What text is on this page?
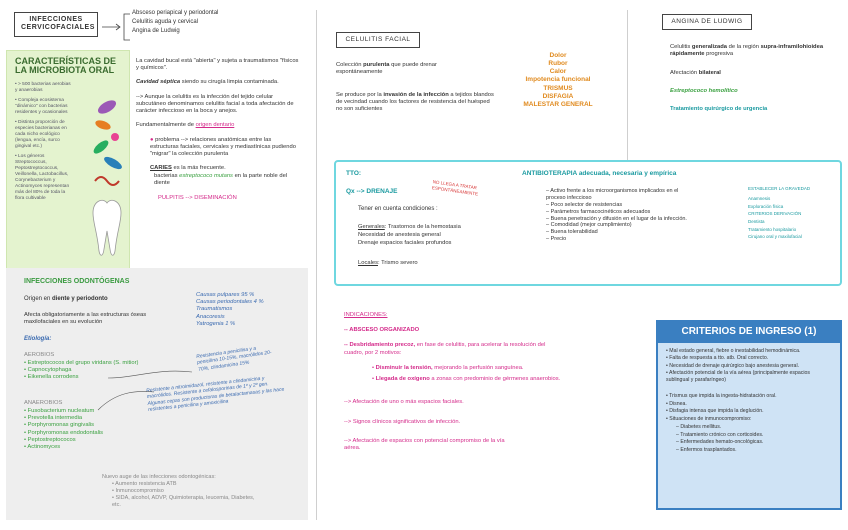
INFECCIONES CERVICOFACIALES
Absceso periapical y periodontal
Celulitis aguda y cervical
Angina de Ludwig
CARACTERÍSTICAS DE LA MICROBIOTA ORAL
• > 500 bacterias aerobias y anaerobias
• Compleja ecosistema "dinámico" con bacterias residentes y ocasionales
• Distinta proporción de especies bacterianas en cada nicho ecológico (lengua, encía, surco gingival etc.)
• Los géneros Streptococcus, Peptostreptococcus, Veillonella, Lactobacillus, Corynebacterium y Actinomyces representan más del 80% de toda la flora cultivable

La cavidad bucal está "abierta" y sujeta a traumatismos "físicos y químicos".

Cavidad séptica siendo su cirugía limpia contaminada.

--> Aunque la celulitis es la infección del tejido celular subcutáneo denominamos celulitis facial a toda afectación de carácter infeccioso en la boca y anejos.

Fundamentalmente de origen dentario

● problema --> relaciones anatómicas entre las estructuras faciales, cervicales y mediastínicas pudiendo "migrar" la colección purulenta

CARIES es la más frecuente.

bacterias estreptococo mutans en la parte noble del diente

PULPITIS --> DISEMINACIÓN

INFECCIONES ODONTÓGENAS

Origen en diente y periodonto

Afecta obligatoriamente a las estructuras óseas maxilofaciales en su evolución

Etiología:

Causas pulpares 95 %
Causas periodontales 4 %
Traumatismos
Anacoresis
Yatrogenia 1 %

AEROBIOS

• Estreptococos del grupo viridans (S. mitior)
• Capnocytophaga
• Eikenella corrodens

Resistencia a penicilina y a penicilina 10-15%, macrólidos 20-70%, clindamicina 15%

ANAEROBIOS

• Fusobacterium nucleatum
• Prevotella intermedia
• Porphyromonas gingivalis
• Porphyromonas endodontalis
• Peptostreptococos
• Actinomyces

Resistente a nitroimidazol, resistente a clindamicina y macrólidos. Resistente a cefalosporinas de 1º y 2º gen. Algunas cepas son productoras de betalactamasas y las hace resistentes a penicilina y amoxicilina

Nuevo auge de las infecciones odontogénicas:

• Aumento resistencia ATB
• Inmunocompromiso
• SIDA, alcohol, ADVP, Quimioterapia, leucemia, Diabetes, etc.
CELULITIS FACIAL

Colección purulenta que puede drenar espontáneamente

Se produce por la invasión de la infección a tejidos blandos de vecindad cuando los factores de resistencia del huésped no son suficientes

Dolor
Rubor
Calor
Impotencia funcional
TRISMUS
DISFAGIA
MALESTAR GENERAL
ANGINA DE LUDWIG

Celulitis generalizada de la región supra-inframilohioidea rápidamente progresiva

Afectación bilateral

Estreptococo hemolítico

Tratamiento quirúrgico de urgencia

TTO:

Qx --> DRENAJE

NO LLEGA A TRATAR ESPONTÁNEAMENTE

Tener en cuenta condiciones :

Generales: Trastornos de la hemostasia

Necesidad de anestesia general

Drenaje espacios faciales profundos

Locales: Trismo severo

ANTIBIOTERAPIA adecuada, necesaria y empírica

– Activo frente a los microorganismos implicados en el proceso infeccioso
– Poco selector de resistencias
– Parámetros farmacocinéticos adecuados
– Buena penetración y difusión en el lugar de la infección.
– Comodidad (mejor cumplimiento)
– Buena tolerabilidad
– Precio

ESTABLECER LA GRAVEDAD

Anamnesis
Exploración física
CRITERIOS DERIVACIÓN
Dentista
Tratamiento hospitalario
Cirujano oral y maxilofacial

INDICACIONES:

-- ABSCESO ORGANIZADO

-- Desbridamiento precoz, en fase de celulitis, para acelerar la resolución del cuadro, por 2 motivos:

• Disminuir la tensión, mejorando la perfusión sanguínea.

• Llegada de oxígeno a zonas con predominio de gérmenes anaerobios.

--> Afectación de uno o más espacios faciales.

--> Signos clínicos significativos de infección.

--> Afectación de espacios con potencial compromiso de la vía aérea.

CRITERIOS DE INGRESO (1)
• Mal estado general, fiebre o inestabilidad hemodinámica.
• Falta de respuesta a tto. atb. Oral correcto.
• Necesidad de drenaje quirúrgico bajo anestesia general.
• Afectación potencial de la vía aérea (principalmente espacios sublingual y parafaríngeo)
• Trismus que impida la ingesta-hidratación oral.
• Disnea.
• Disfagia intensa que impida la deglución.
• Situaciones de inmunocompromiso:
– Diabetes mellitus.
– Tratamiento crónico con corticoides.
– Enfermedades hemato-oncológicas.
– Enfermos trasplantados.
